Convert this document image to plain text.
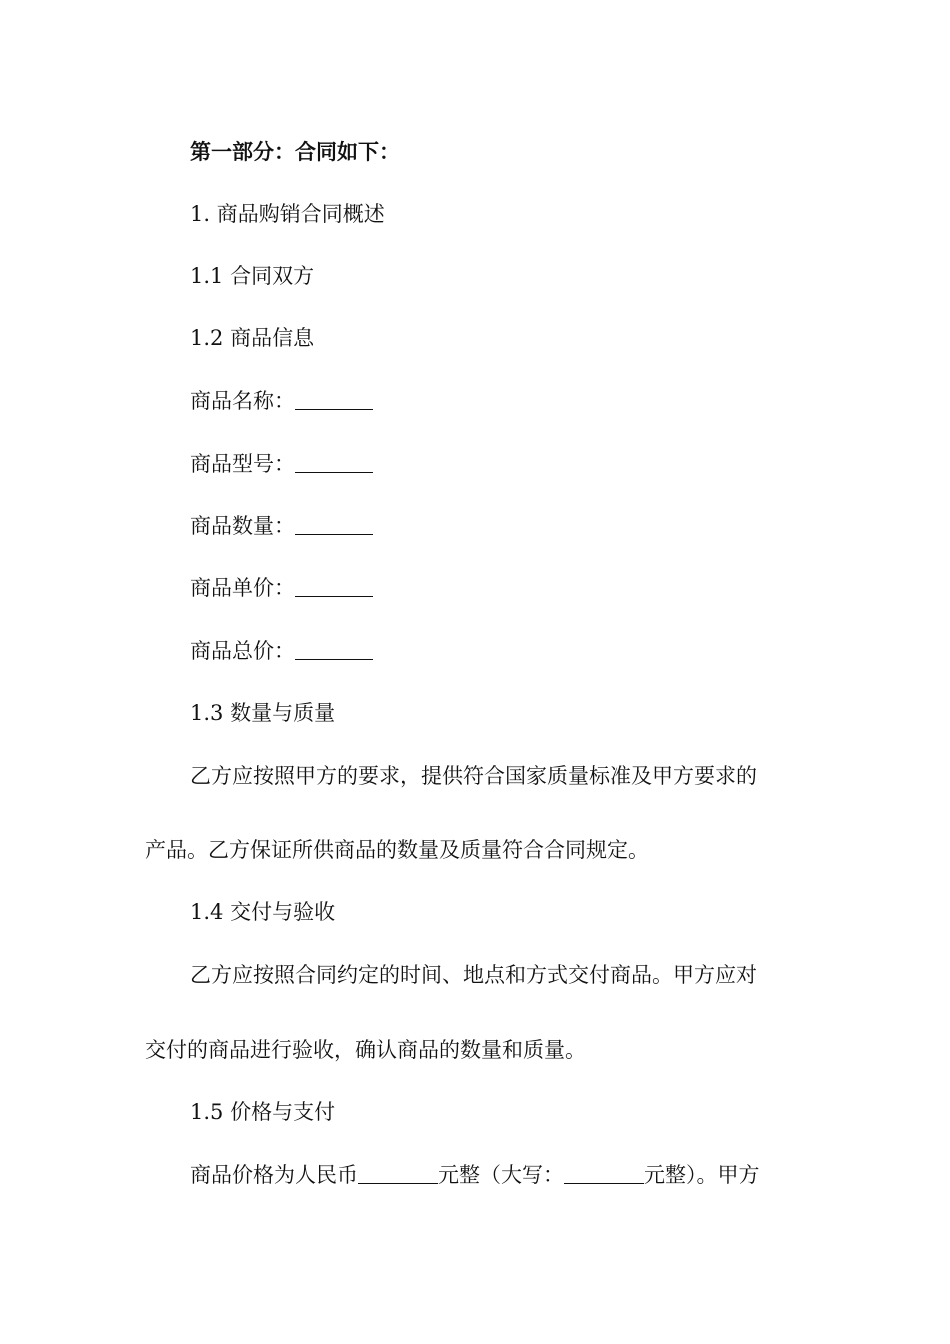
第一部分：合同如下：
1. 商品购销合同概述
1.1 合同双方
1.2 商品信息
商品名称：
商品型号：
商品数量：
商品单价：
商品总价：
1.3 数量与质量
乙方应按照甲方的要求，提供符合国家质量标准及甲方要求的
产品。乙方保证所供商品的数量及质量符合合同规定。
1.4 交付与验收
乙方应按照合同约定的时间、地点和方式交付商品。甲方应对
交付的商品进行验收，确认商品的数量和质量。
1.5 价格与支付
商品价格为人民币	元整（大写：	元整）。甲方
